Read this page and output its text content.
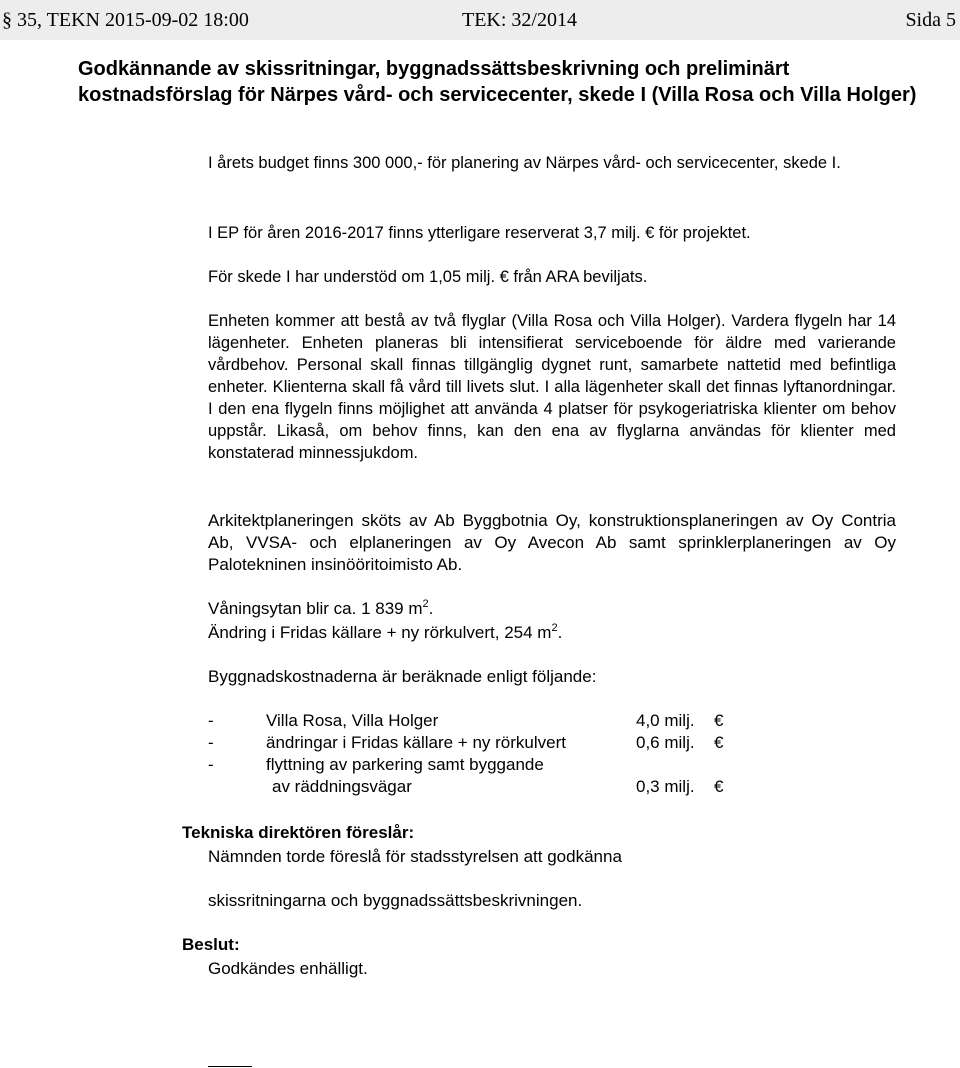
§ 35, TEKN 2015-09-02 18:00	TEK: 32/2014	Sida 5
Godkännande av skissritningar, byggnadssättsbeskrivning och preliminärt kostnadsförslag för Närpes vård- och servicecenter, skede I (Villa Rosa och Villa Holger)

I årets budget finns 300 000,- för planering av Närpes vård- och servicecenter, skede I.

I EP för åren 2016-2017 finns ytterligare reserverat 3,7 milj. € för projektet.

För skede I har understöd om 1,05 milj. € från ARA beviljats.

Enheten kommer att bestå av två flyglar (Villa Rosa och Villa Holger). Vardera flygeln har 14 lägenheter. Enheten planeras bli intensifierat serviceboende för äldre med varierande vårdbehov. Personal skall finnas tillgänglig dygnet runt, samarbete nattetid med befintliga enheter. Klienterna skall få vård till livets slut. I alla lägenheter skall det finnas lyftanordningar. I den ena flygeln finns möjlighet att använda 4 platser för psykogeriatriska klienter om behov uppstår. Likaså, om behov finns, kan den ena av flyglarna användas för klienter med konstaterad minnessjukdom.

Arkitektplaneringen sköts av Ab Byggbotnia Oy, konstruktionsplaneringen av Oy Contria Ab, VVSA- och elplaneringen av Oy Avecon Ab samt sprinklerplaneringen av Oy Palotekninen insinööritoimisto Ab.

Våningsytan blir ca. 1 839 $m^2$.

Ändring i Fridas källare + ny rörkulvert, 254 $m^2$.

Byggnadskostnaderna är beräknade enligt följande:

-	Villa Rosa, Villa Holger	4,0 milj. €
-	ändringar i Fridas källare + ny rörkulvert	0,6 milj. €
-	flyttning av parkering samt byggande
av räddningsvägar	0,3 milj. €
Tekniska direktören föreslår:

Nämnden torde föreslå för stadsstyrelsen att godkänna

skissritningarna och byggnadssättsbeskrivningen.

Beslut:

Godkändes enhälligt.
